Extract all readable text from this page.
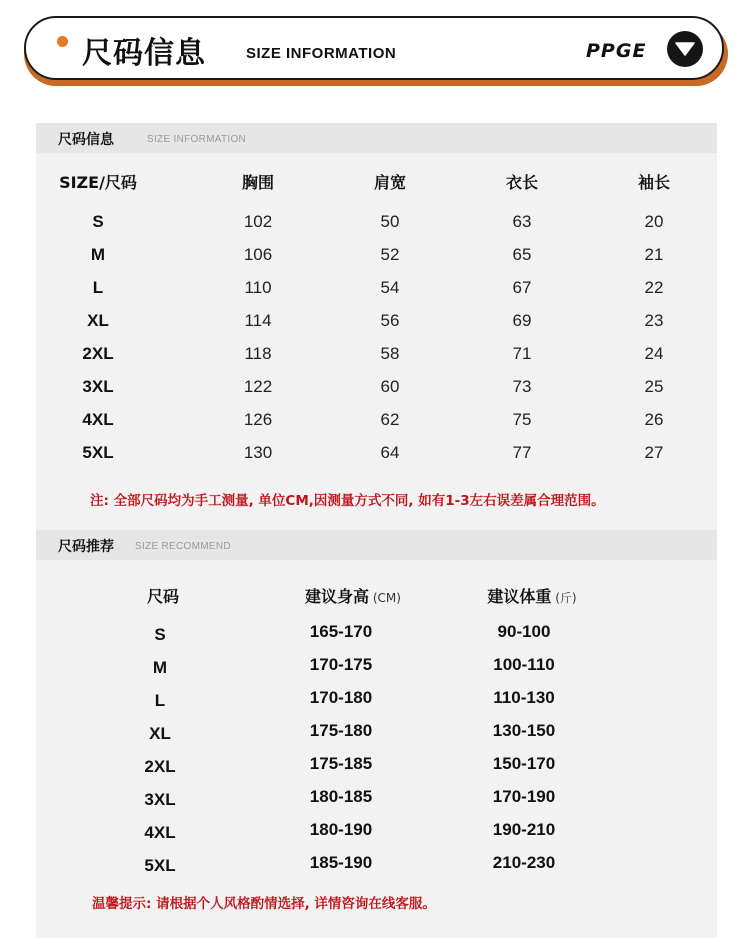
尺码信息	SIZE INFORMATION	PPGE
尺码信息	SIZE INFORMATION
SIZE/尺码	胸围	肩宽	衣长	袖长
S	102	50	63	20
M	106	52	65	21
L	110	54	67	22
XL	114	56	69	23
2XL	118	58	71	24
3XL	122	60	73	25
4XL	126	62	75	26
5XL	130	64	77	27
注: 全部尺码均为手工测量, 单位CM,因测量方式不同, 如有1-3左右误差属合理范围。
尺码推荐 SIZE RECOMMEND
尺码	建议身高 (CM)	建议体重 (斤)
S	165-170	90-100
M	170-175	100-110
L	170-180	110-130
XL	175-180	130-150
2XL	175-185	150-170
3XL	180-185	170-190
4XL	180-190	190-210
5XL	185-190	210-230
温馨提示: 请根据个人风格酌情选择, 详情咨询在线客服。
